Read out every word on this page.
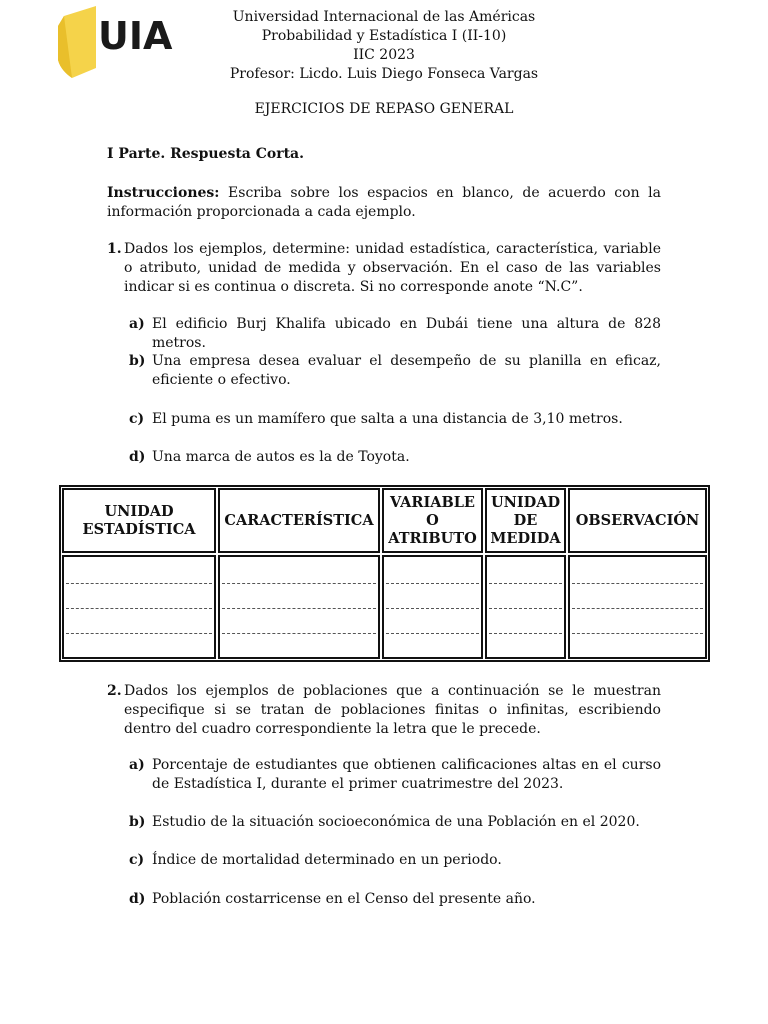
UIA	Universidad Internacional de las Américas
Probabilidad y Estadística I (II-10)
IIC 2023
Profesor: Licdo. Luis Diego Fonseca Vargas
EJERCICIOS DE REPASO GENERAL
I Parte. Respuesta Corta.
Instrucciones: Escriba sobre los espacios en blanco, de acuerdo con la información proporcionada a cada ejemplo.
1. Dados los ejemplos, determine: unidad estadística, característica, variable o atributo, unidad de medida y observación. En el caso de las variables indicar si es continua o discreta. Si no corresponde anote “N.C”.
a) El edificio Burj Khalifa ubicado en Dubái tiene una altura de 828 metros.
b) Una empresa desea evaluar el desempeño de su planilla en eficaz, eficiente o efectivo.
c) El puma es un mamífero que salta a una distancia de 3,10 metros.
d) Una marca de autos es la de Toyota.
UNIDAD
ESTADÍSTICA
CARACTERÍSTICA
VARIABLE
O
ATRIBUTO
UNIDAD
DE
MEDIDA
OBSERVACIÓN
2. Dados los ejemplos de poblaciones que a continuación se le muestran especifique si se tratan de poblaciones finitas o infinitas, escribiendo dentro del cuadro correspondiente la letra que le precede.
a) Porcentaje de estudiantes que obtienen calificaciones altas en el curso de Estadística I, durante el primer cuatrimestre del 2023.
b) Estudio de la situación socioeconómica de una Población en el 2020.
c) Índice de mortalidad determinado en un periodo.
d) Población costarricense en el Censo del presente año.
